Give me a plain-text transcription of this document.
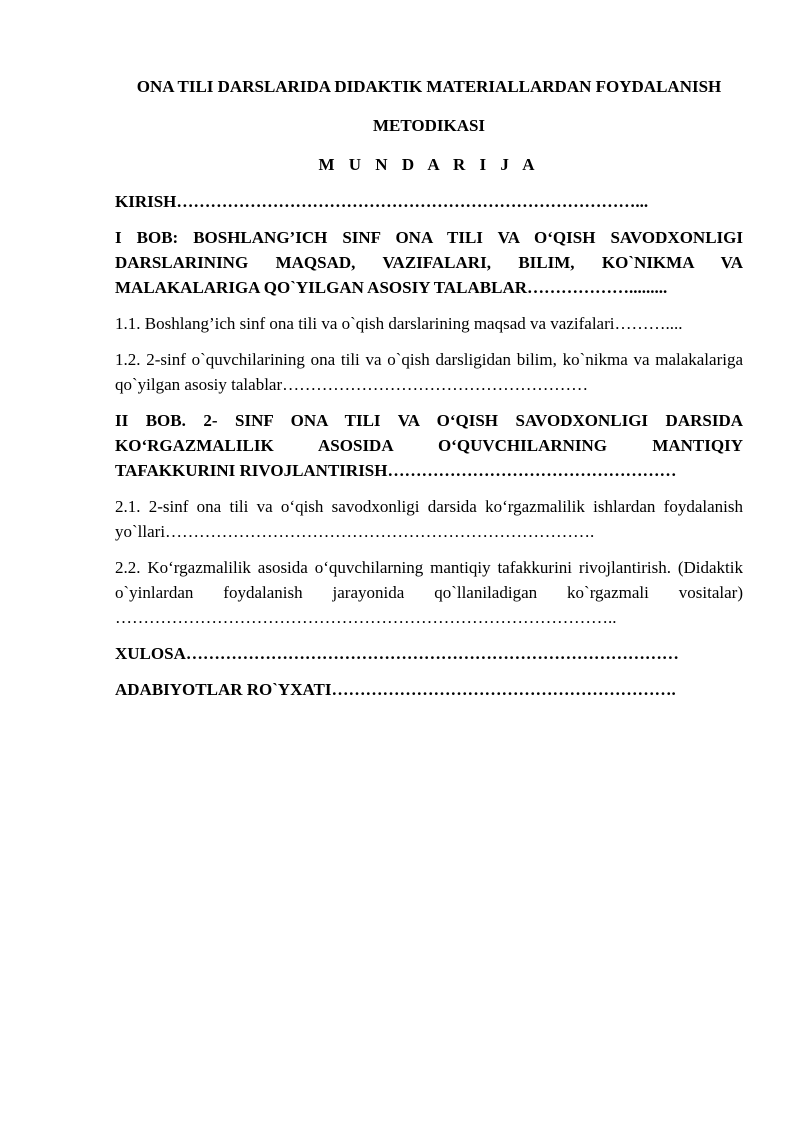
ONA TILI DARSLARIDA DIDAKTIK MATERIALLARDAN FOYDALANISH

METODIKASI

M U N D A R I J A

KIRISH………………………………………………………………………...

I BOB: BOSHLANG’ICH SINF ONA TILI VA O‘QISH SAVODXONLIGI DARSLARINING MAQSAD, VAZIFALARI, BILIM, KO`NIKMA VA MALAKALARIGA QO`YILGAN ASOSIY TALABLAR……………….........

1.1. Boshlang’ich sinf ona tili va o`qish darslarining maqsad va vazifalari………....

1.2. 2-sinf o`quvchilarining ona tili va o`qish darsligidan bilim, ko`nikma va malakalariga qo`yilgan asosiy talablar………………………………………………

II BOB. 2- SINF ONA TILI VA O‘QISH SAVODXONLIGI DARSIDA KO‘RGAZMALILIK ASOSIDA O‘QUVCHILARNING MANTIQIY TAFAKKURINI RIVOJLANTIRISH……………………………………………

2.1. 2-sinf ona tili va o‘qish savodxonligi darsida ko‘rgazmalilik ishlardan foydalanish yo`llari………………………………………………………………….

2.2. Ko‘rgazmalilik asosida o‘quvchilarning mantiqiy tafakkurini rivojlantirish. (Didaktik o`yinlardan foydalanish jarayonida qo`llaniladigan ko`rgazmali vositalar) ……………………………………………………………………………..

XULOSA……………………………………………………………………………

ADABIYOTLAR RO`YXATI…………………………………………………….
